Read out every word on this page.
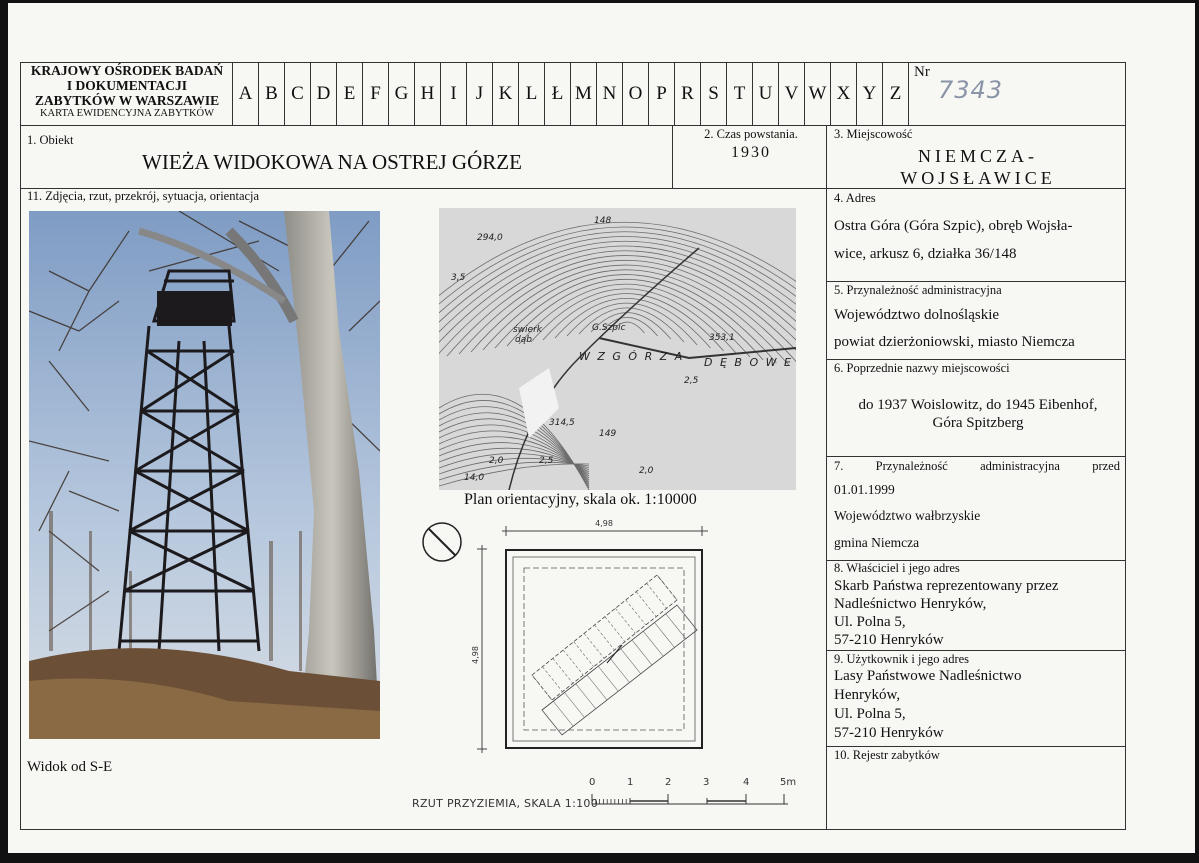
KRAJOWY OŚRODEK BADAŃ
I DOKUMENTACJI
ZABYTKÓW W WARSZAWIE
KARTA EWIDENCYJNA ZABYTKÓW
A B C D E F G H I	J K L Ł M N O P R S T U V W X Y Z
Nr
7343
1. Obiekt
WIEŻA WIDOKOWA NA OSTREJ GÓRZE
2. Czas powstania.
1930
3. Miejscowość
NIEMCZA-
WOJSŁAWICE
11. Zdjęcia, rzut, przekrój, sytuacja, orientacja	4. Adres
Ostra Góra (Góra Szpic), obręb Wojsła-
wice, arkusz 6, działka 36/148
5. Przynależność administracyjna
Województwo dolnośląskie
powiat dzierżoniowski, miasto Niemcza
6. Poprzednie nazwy miejscowości
do 1937 Woislowitz, do 1945 Eibenhof,
Góra Spitzberg
7.	Przynależność	administracyjna	przed
01.01.1999
Województwo wałbrzyskie
gmina Niemcza
8. Właściciel i jego adres
Skarb Państwa reprezentowany przez
Nadleśnictwo Henryków,
Ul. Polna 5,
57-210 Henryków
9. Użytkownik i jego adres
Lasy Państwowe Nadleśnictwo
Henryków,
Ul. Polna 5,
57-210 Henryków
10. Rejestr zabytków
Widok od S-E
148
294,0
3,5
świerk
dąb
G.Szpic
353,1
W Z G Ó R Z A D Ę B O W E
2,5
314,5
149
2,0	2,5
14,0
2,0
Plan orientacyjny, skala ok. 1:10000
4,98
4,98
0	1	2	3	4	5m
RZUT PRZYZIEMIA, SKALA 1:100
